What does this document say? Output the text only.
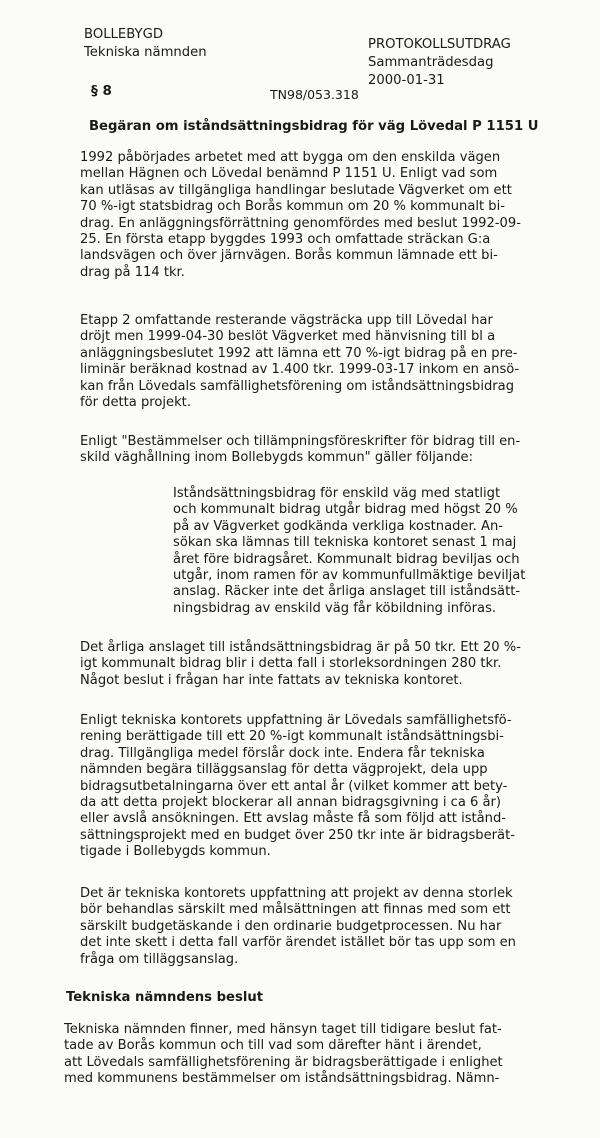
BOLLEBYGD
Tekniska nämnden
PROTOKOLLSUTDRAG
Sammanträdesdag
2000-01-31
§ 8	TN98/053.318
Begäran om iståndsättningsbidrag för väg Lövedal P 1151 U

1992 påbörjades arbetet med att bygga om den enskilda vägen
mellan Hägnen och Lövedal benämnd P 1151 U. Enligt vad som
kan utläsas av tillgängliga handlingar beslutade Vägverket om ett
70 %-igt statsbidrag och Borås kommun om 20 % kommunalt bi-
drag. En anläggningsförrättning genomfördes med beslut 1992-09-
25. En första etapp byggdes 1993 och omfattade sträckan G:a
landsvägen och över järnvägen. Borås kommun lämnade ett bi-
drag på 114 tkr.

Etapp 2 omfattande resterande vägsträcka upp till Lövedal har
dröjt men 1999-04-30 beslöt Vägverket med hänvisning till bl a
anläggningsbeslutet 1992 att lämna ett 70 %-igt bidrag på en pre-
liminär beräknad kostnad av 1.400 tkr. 1999-03-17 inkom en ansö-
kan från Lövedals samfällighetsförening om iståndsättningsbidrag
för detta projekt.

Enligt "Bestämmelser och tillämpningsföreskrifter för bidrag till en-
skild väghållning inom Bollebygds kommun" gäller följande:

Iståndsättningsbidrag för enskild väg med statligt
och kommunalt bidrag utgår bidrag med högst 20 %
på av Vägverket godkända verkliga kostnader. An-
sökan ska lämnas till tekniska kontoret senast 1 maj
året före bidragsåret. Kommunalt bidrag beviljas och
utgår, inom ramen för av kommunfullmäktige beviljat
anslag. Räcker inte det årliga anslaget till iståndsätt-
ningsbidrag av enskild väg får köbildning införas.

Det årliga anslaget till iståndsättningsbidrag är på 50 tkr. Ett 20 %-
igt kommunalt bidrag blir i detta fall i storleksordningen 280 tkr.
Något beslut i frågan har inte fattats av tekniska kontoret.

Enligt tekniska kontorets uppfattning är Lövedals samfällighetsfö-
rening berättigade till ett 20 %-igt kommunalt iståndsättningsbi-
drag. Tillgängliga medel förslår dock inte. Endera får tekniska
nämnden begära tilläggsanslag för detta vägprojekt, dela upp
bidragsutbetalningarna över ett antal år (vilket kommer att bety-
da att detta projekt blockerar all annan bidragsgivning i ca 6 år)
eller avslå ansökningen. Ett avslag måste få som följd att istånd-
sättningsprojekt med en budget över 250 tkr inte är bidragsberät-
tigade i Bollebygds kommun.

Det är tekniska kontorets uppfattning att projekt av denna storlek
bör behandlas särskilt med målsättningen att finnas med som ett
särskilt budgetäskande i den ordinarie budgetprocessen. Nu har
det inte skett i detta fall varför ärendet istället bör tas upp som en
fråga om tilläggsanslag.

Tekniska nämndens beslut

Tekniska nämnden finner, med hänsyn taget till tidigare beslut fat-
tade av Borås kommun och till vad som därefter hänt i ärendet,
att Lövedals samfällighetsförening är bidragsberättigade i enlighet
med kommunens bestämmelser om iståndsättningsbidrag. Nämn-
